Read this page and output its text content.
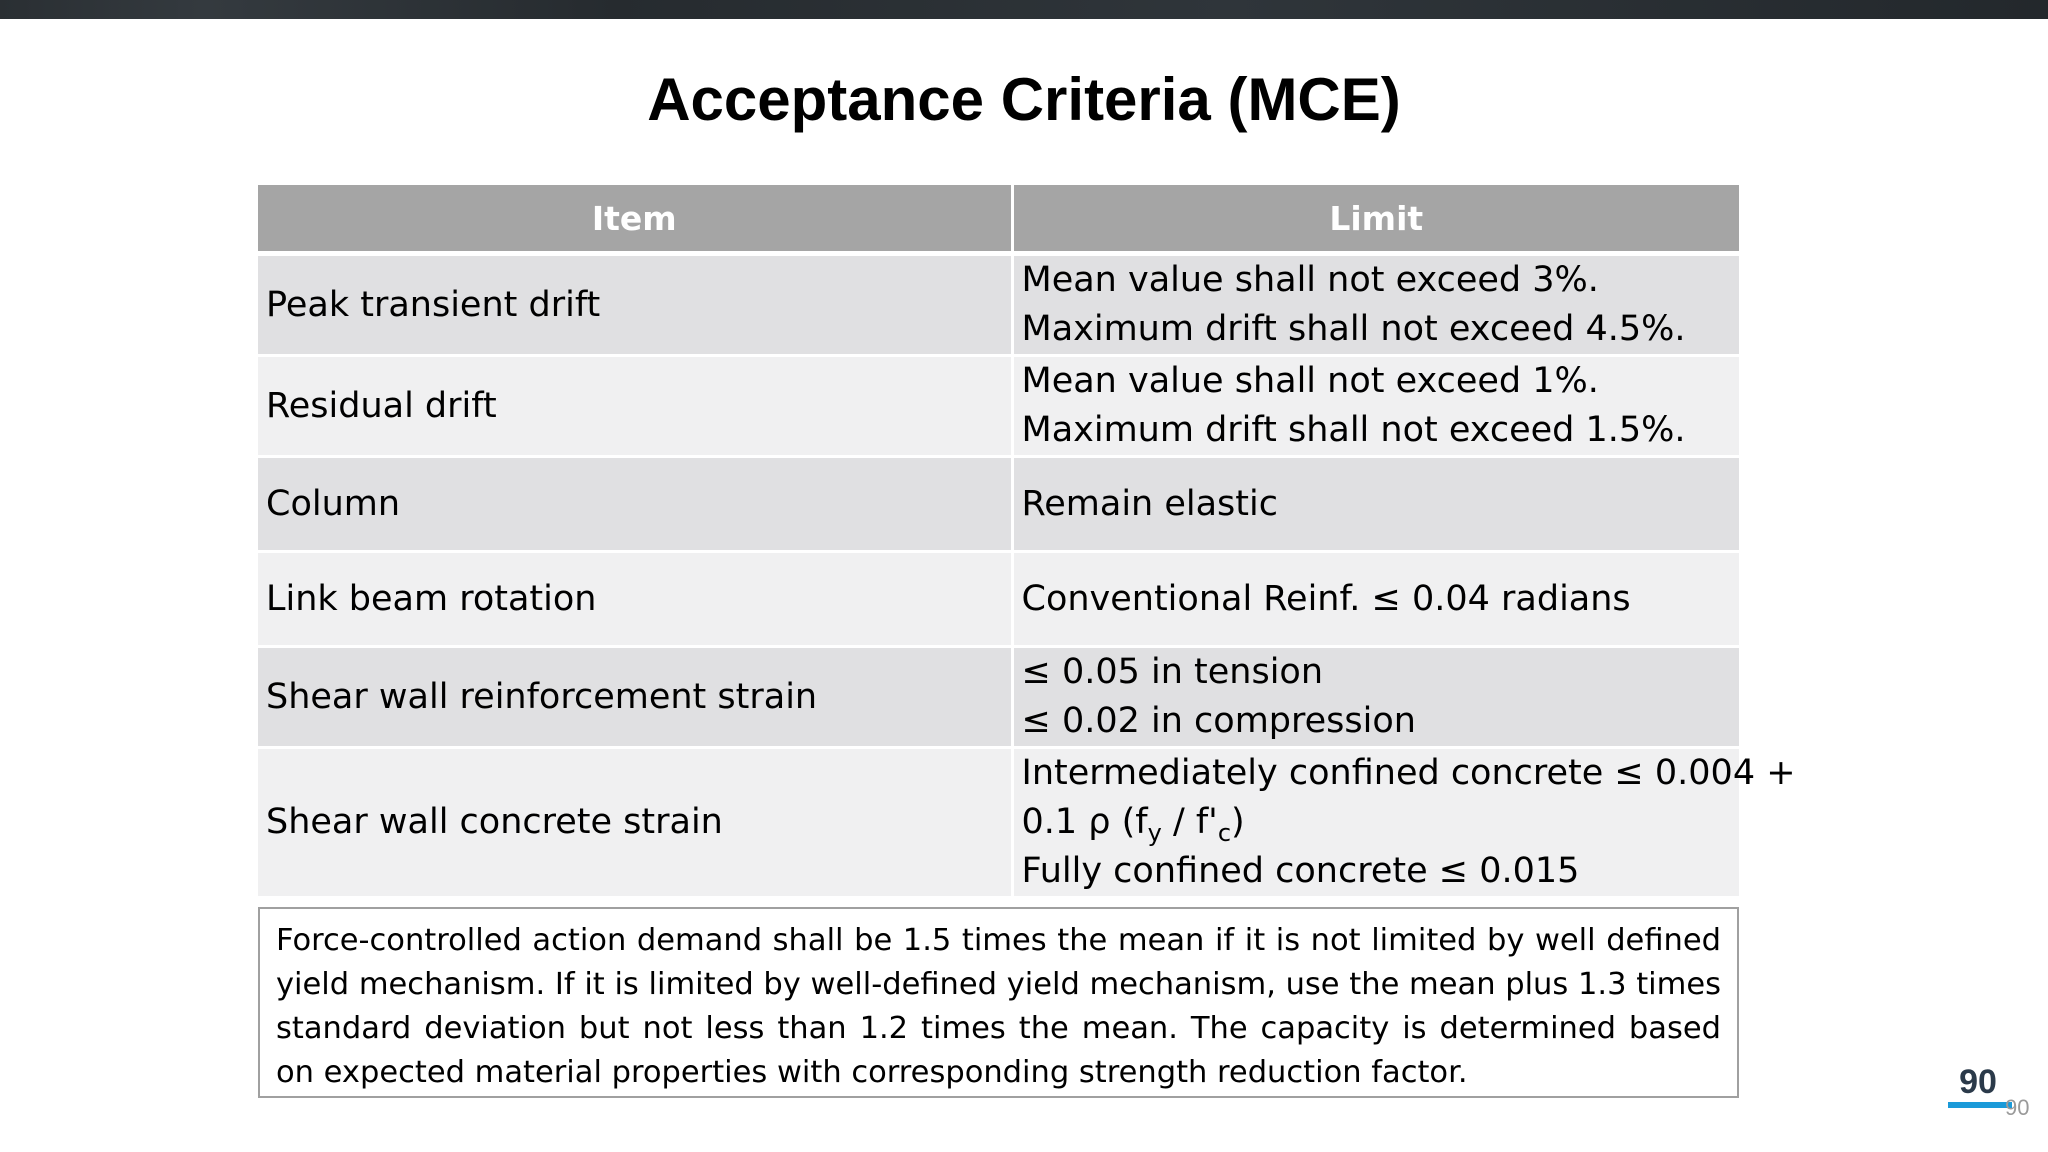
Acceptance Criteria (MCE)
Item	Limit
Peak transient drift	Mean value shall not exceed 3%.
Maximum drift shall not exceed 4.5%.

Residual drift	Mean value shall not exceed 1%.
Maximum drift shall not exceed 1.5%.

Column	Remain elastic

Link beam rotation	Conventional Reinf. ≤ 0.04 radians

Shear wall reinforcement strain	≤ 0.05 in tension
≤ 0.02 in compression

Shear wall concrete strain	Intermediately confined concrete ≤ 0.004 +
0.1 ρ $(f_y / f'_c)$
Fully confined concrete ≤ 0.015
Force-controlled action demand shall be 1.5 times the mean if it is not limited by well defined yield mechanism. If it is limited by well-defined yield mechanism, use the mean plus 1.3 times standard deviation but not less than 1.2 times the mean. The capacity is determined based on expected material properties with corresponding strength reduction factor.	90
90
